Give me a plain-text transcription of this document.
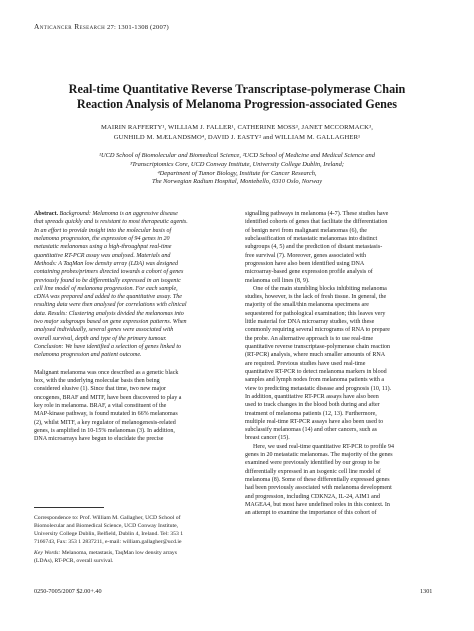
Anticancer Research 27: 1301-1308 (2007)
Real-time Quantitative Reverse Transcriptase-polymerase Chain
Reaction Analysis of Melanoma Progression-associated Genes
MAIRIN RAFFERTY¹, WILLIAM J. FALLER¹, CATHERINE MOSS³, JANET MCCORMACK³,
GUNHILD M. MÆLANDSMO⁴, DAVID J. EASTY² and WILLIAM M. GALLAGHER¹
¹UCD School of Biomolecular and Biomedical Science, ²UCD School of Medicine and Medical Science and
³Transcriptomics Core, UCD Conway Institute, University College Dublin, Ireland;
⁴Department of Tumor Biology, Institute for Cancer Research,
The Norwegian Radium Hospital, Montebello, 0310 Oslo, Norway
Abstract. Background: Melanoma is an aggressive disease
that spreads quickly and is resistant to most therapeutic agents.
In an effort to provide insight into the molecular basis of
melanoma progression, the expression of 94 genes in 20
metastatic melanomas using a high-throughput real-time
quantitative RT-PCR assay was analysed. Materials and
Methods: A TaqMan low density array (LDA) was designed
containing probes/primers directed towards a cohort of genes
previously found to be differentially expressed in an isogenic
cell line model of melanoma progression. For each sample,
cDNA was prepared and added to the quantitative assay. The
resulting data were then analysed for correlations with clinical
data. Results: Clustering analysis divided the melanomas into
two major subgroups based on gene expression patterns. When
analysed individually, several genes were associated with
overall survival, depth and type of the primary tumour.
Conclusion: We have identified a selection of genes linked to
melanoma progression and patient outcome.
Malignant melanoma was once described as a genetic black
box, with the underlying molecular basis then being
considered elusive (1). Since that time, two new major
oncogenes, BRAF and MITF, have been discovered to play a
key role in melanoma. BRAF, a vital constituent of the
MAP-kinase pathway, is found mutated in 66% melanomas
(2), whilst MITF, a key regulator of melanogenesis-related
genes, is amplified in 10-15% melanomas (3). In addition,
DNA microarrays have begun to elucidate the precise
Correspondence to: Prof. William M. Gallagher, UCD School of
Biomolecular and Biomedical Science, UCD Conway Institute,
University College Dublin, Belfield, Dublin 4, Ireland. Tel: 353 1
7166743, Fax: 353 1 2837211, e-mail: william.gallagher@ucd.ie
Key Words: Melanoma, metastasis, TaqMan low density arrays
(LDAs), RT-PCR, overall survival.
signalling pathways in melanoma (4-7). These studies have
identified cohorts of genes that facilitate the differentiation
of benign nevi from malignant melanomas (6), the
subclassification of metastatic melanomas into distinct
subgroups (4, 5) and the prediction of distant metastasis-
free survival (7). Moreover, genes associated with
progression have also been identified using DNA
microarray-based gene expression profile analysis of
melanoma cell lines (8, 9).
One of the main stumbling blocks inhibiting melanoma
studies, however, is the lack of fresh tissue. In general, the
majority of the small/thin melanoma specimens are
sequestered for pathological examination; this leaves very
little material for DNA microarray studies, with these
commonly requiring several micrograms of RNA to prepare
the probe. An alternative approach is to use real-time
quantitative reverse transcriptase-polymerase chain reaction
(RT-PCR) analysis, where much smaller amounts of RNA
are required. Previous studies have used real-time
quantitative RT-PCR to detect melanoma markers in blood
samples and lymph nodes from melanoma patients with a
view to predicting metastatic disease and prognosis (10, 11).
In addition, quantitative RT-PCR assays have also been
used to track changes in the blood both during and after
treatment of melanoma patients (12, 13). Furthermore,
multiple real-time RT-PCR assays have also been used to
subclassify melanomas (14) and other cancers, such as
breast cancer (15).
Here, we used real-time quantitative RT-PCR to profile 94
genes in 20 metastatic melanomas. The majority of the genes
examined were previously identified by our group to be
differentially expressed in an isogenic cell line model of
melanoma (8). Some of these differentially expressed genes
had been previously associated with melanoma development
and progression, including CDKN2A, IL-24, AIM1 and
MAGEA4, but most have undefined roles in this context. In
an attempt to examine the importance of this cohort of
0250-7005/2007 $2.00+.40	1301
